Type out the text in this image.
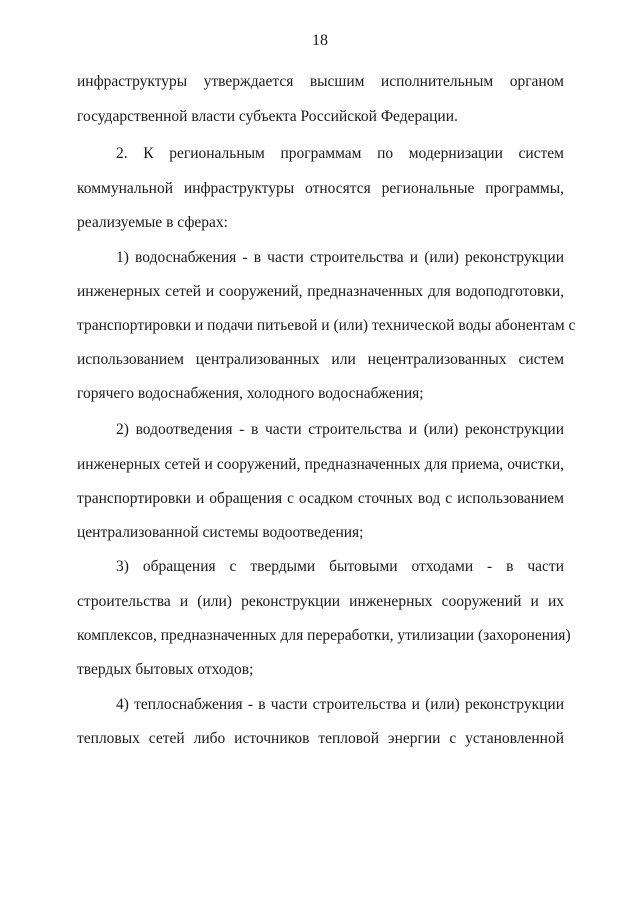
18
инфраструктуры утверждается высшим исполнительным органом
государственной власти субъекта Российской Федерации.
2. К региональным программам по модернизации систем
коммунальной инфраструктуры относятся региональные программы,
реализуемые в сферах:
1) водоснабжения - в части строительства и (или) реконструкции
инженерных сетей и сооружений, предназначенных для водоподготовки,
транспортировки и подачи питьевой и (или) технической воды абонентам с
использованием централизованных или нецентрализованных систем
горячего водоснабжения, холодного водоснабжения;
2) водоотведения - в части строительства и (или) реконструкции
инженерных сетей и сооружений, предназначенных для приема, очистки,
транспортировки и обращения с осадком сточных вод с использованием
централизованной системы водоотведения;
3) обращения с твердыми бытовыми отходами - в части
строительства и (или) реконструкции инженерных сооружений и их
комплексов, предназначенных для переработки, утилизации (захоронения)
твердых бытовых отходов;
4) теплоснабжения - в части строительства и (или) реконструкции
тепловых сетей либо источников тепловой энергии с установленной
